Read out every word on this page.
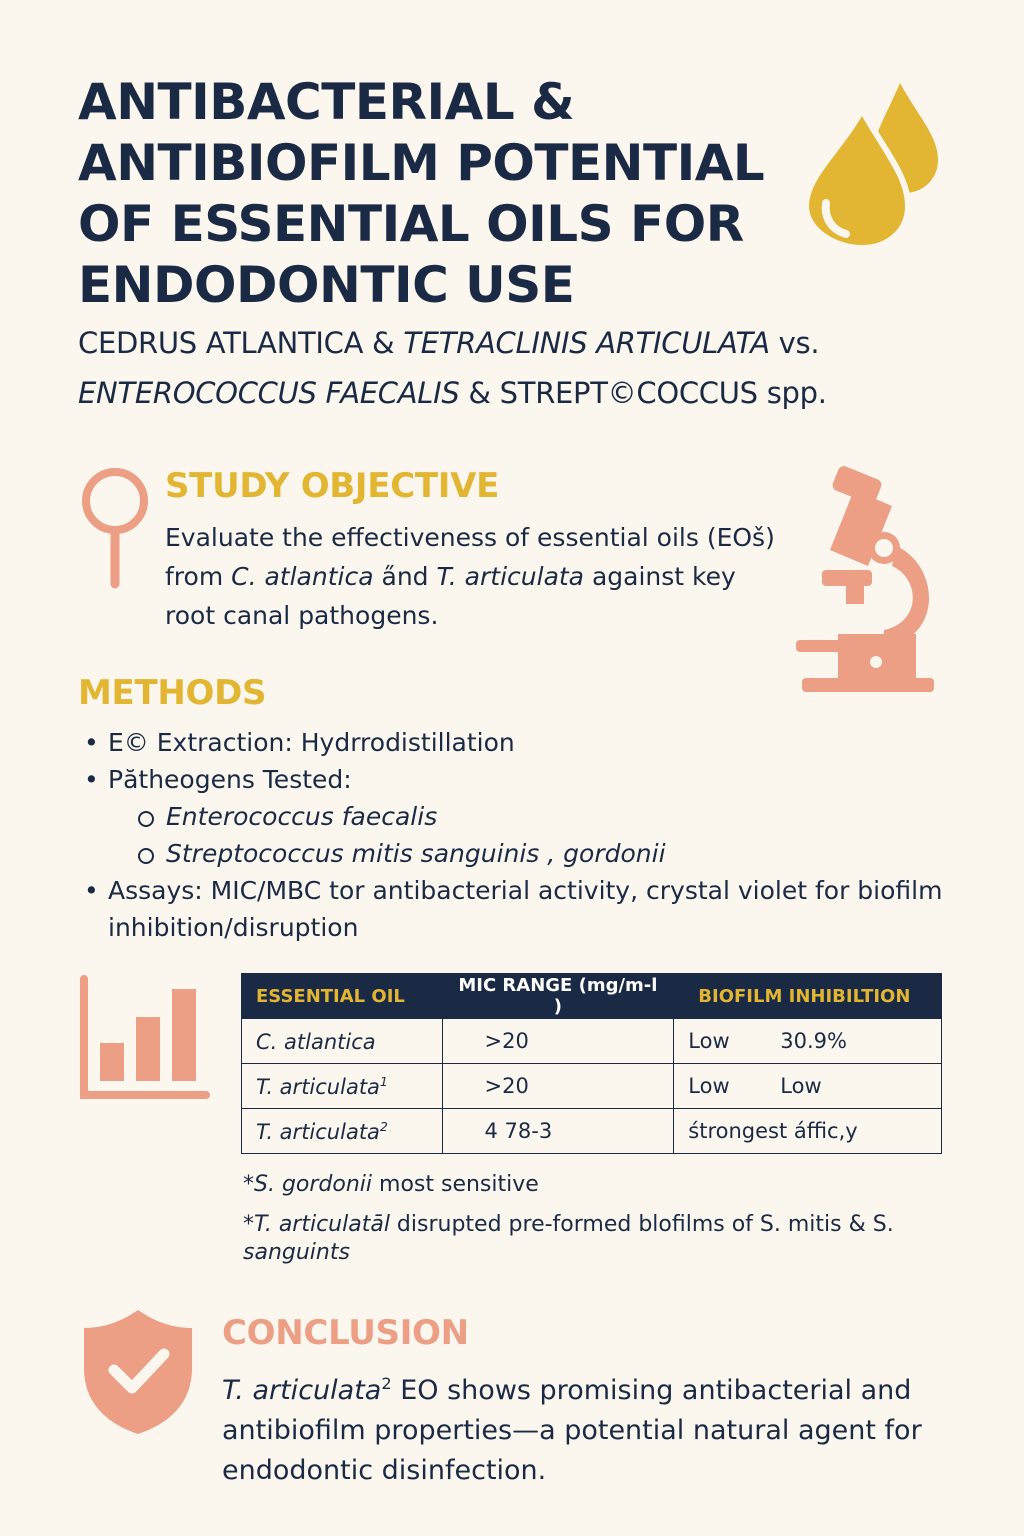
ANTIBACTERIAL &
ANTIBIOFILM POTENTIAL
OF ESSENTIAL OILS FOR
ENDODONTIC USE
CEDRUS ATLANTICA & TETRACLINIS ARTICULATA vs.
ENTEROCOCCUS FAECALIS & STREPT©COCCUS spp.
STUDY OBJECTIVE
Evaluate the effectiveness of essential oils (EOš) from C. atlantica a̋nd T. articulata against key root canal pathogens.
METHODS
• E© Extraction: Hydrrodistillation
• Pătheogens Tested:
Enterococcus faecalis
Streptococcus mitis sanguinis , gordonii
• Assays: MIC/MBC tor antibacterial activity, crystal violet for biofilm inhibition/disruption
ESSENTIAL OIL	MIC RANGE (mg/m-l )	BIOFILM INHIBILTION
C. atlantica	>20	Low 30.9%
T. articulata$^1$	>20	Low Low
T. articulata$^2$	4 78-3	śtrongest áffic,y
*S. gordonii most sensitive
*T. articulatāl disrupted pre-formed blofilms of S. mitis & S. sanguints
CONCLUSION
T. articulata$^2$ EO shows promising antibacterial and antibiofilm properties—a potential natural agent for endodontic disinfection.
